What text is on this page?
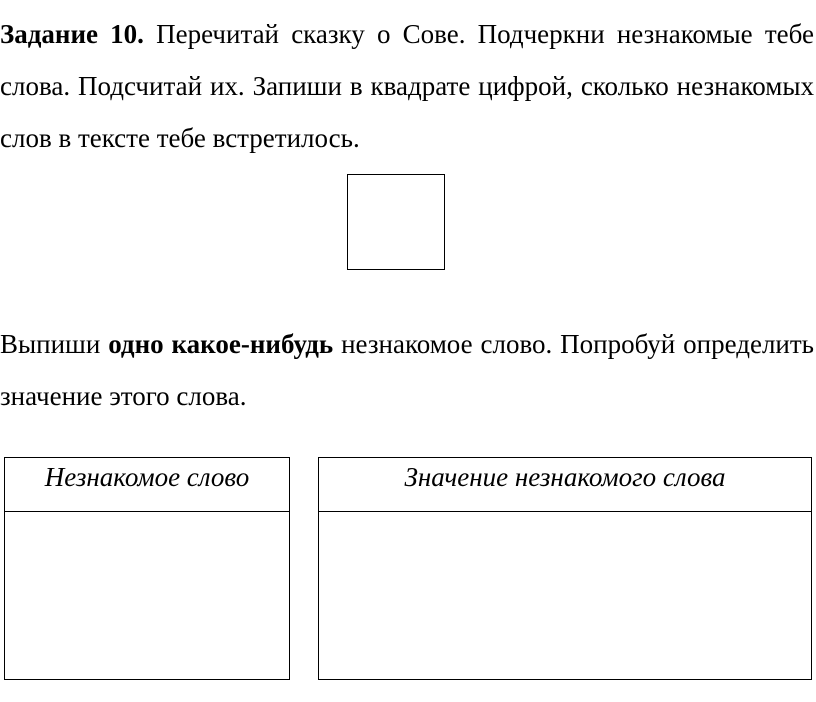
Задание 10. Перечитай сказку о Сове. Подчеркни незнакомые тебе слова. Подсчитай их. Запиши в квадрате цифрой, сколько незнакомых слов в тексте тебе встретилось.

Выпиши одно какое-нибудь незнакомое слово. Попробуй определить значение этого слова.

Незнакомое слово	Значение незнакомого слова
